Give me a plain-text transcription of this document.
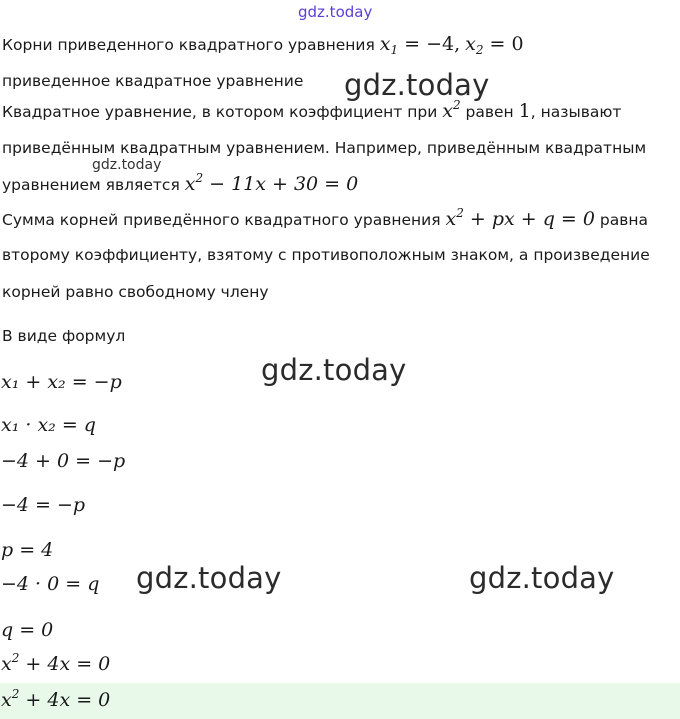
gdz.today
Корни приведенного квадратного уравнения $x_1 = -4$, $x_2 = 0$
приведенное квадратное уравнение gdz.today
Квадратное уравнение, в котором коэффициент при $x^2$ равен 1, называют
приведённым квадратным уравнением. Например, приведённым квадратным
gdz.today
уравнением является $x^2 - 11x + 30 = 0$
Сумма корней приведённого квадратного уравнения $x^2$ + px + q = 0 равна
второму коэффициенту, взятому с противоположным знаком, а произведение
корней равно свободному члену
В виде формул
x₁ + x₂ = −p	gdz.today
x₁ · x₂ = q
−4 + 0 = −p
−4 = −p
p = 4
−4 · 0 = q gdz.today	gdz.today
q = 0
$x^2 + 4x = 0$
$x^2 + 4x = 0$
